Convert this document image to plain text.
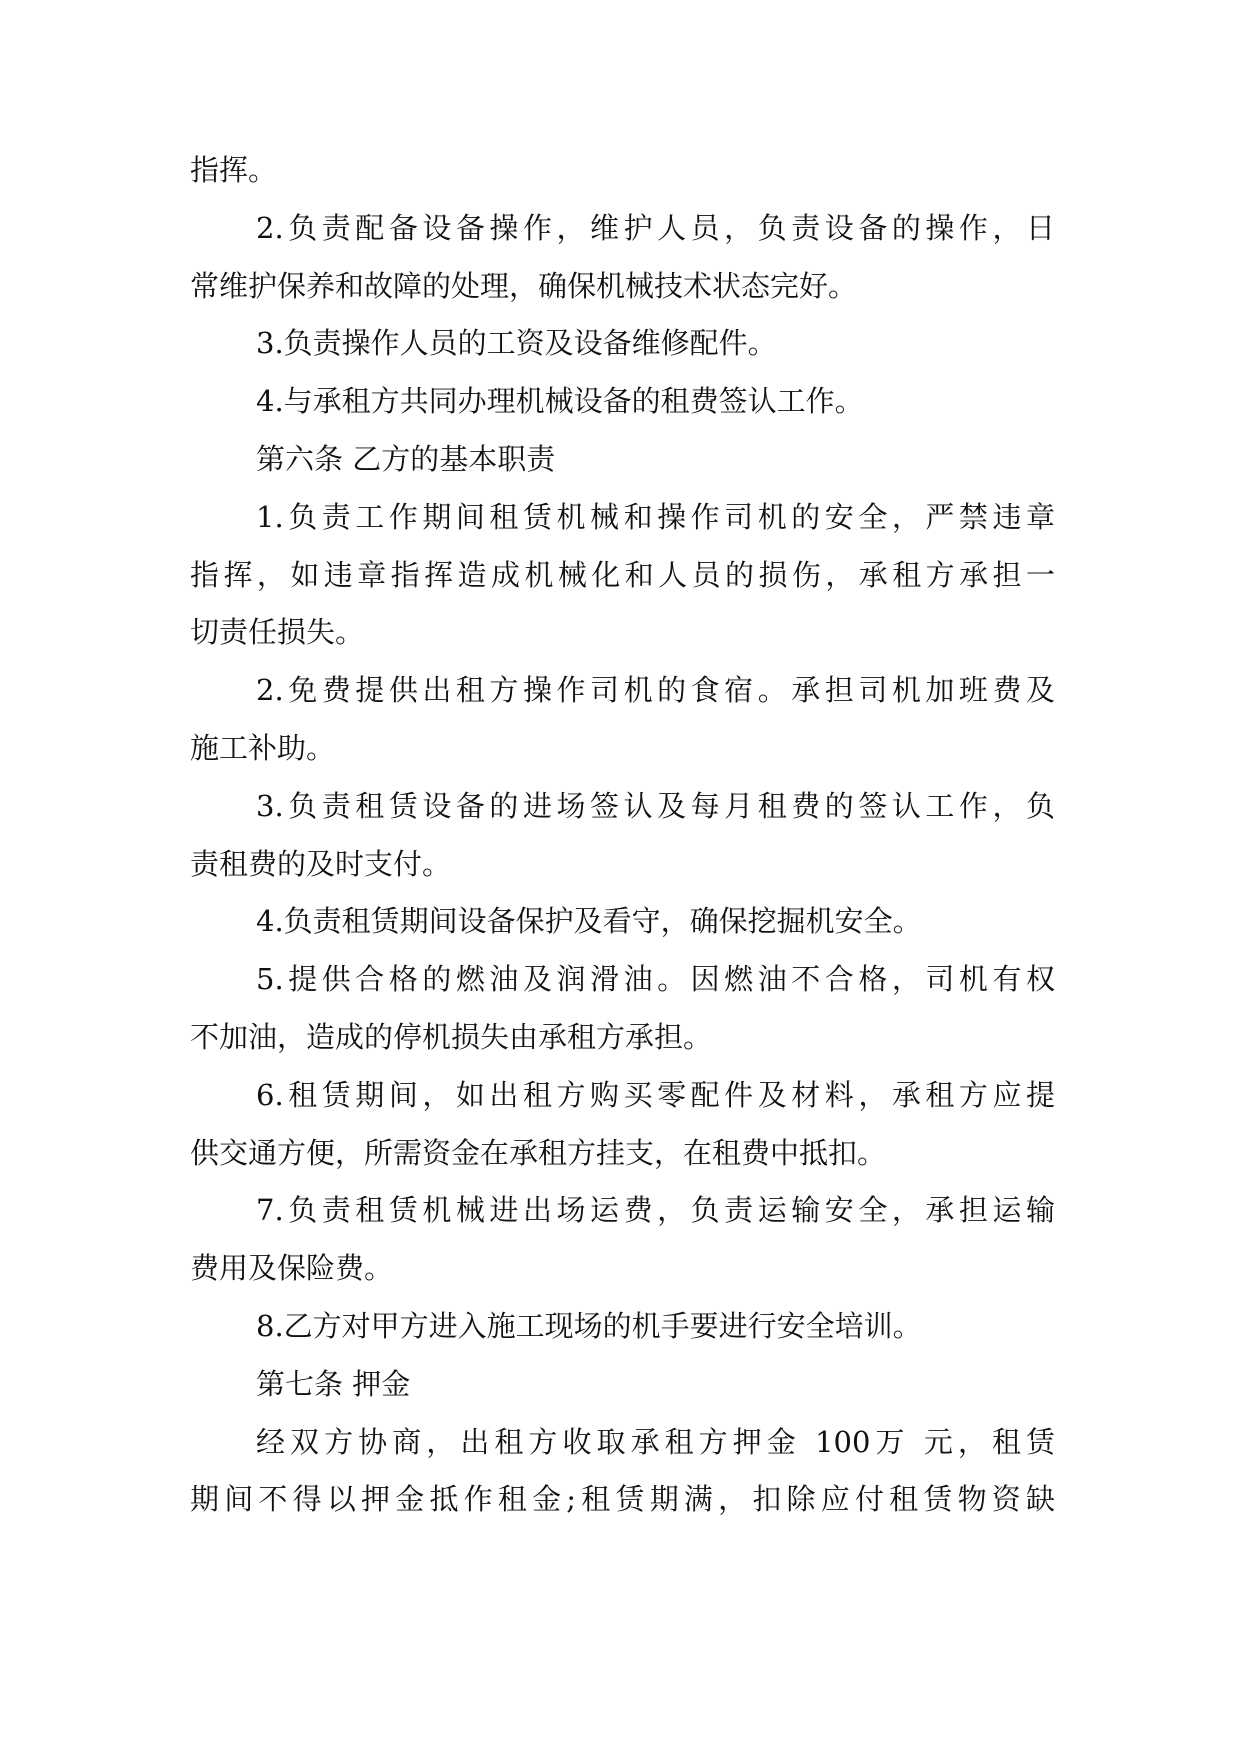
指挥。
2.负责配备设备操作，维护人员，负责设备的操作，日
常维护保养和故障的处理，确保机械技术状态完好。
3.负责操作人员的工资及设备维修配件。
4.与承租方共同办理机械设备的租费签认工作。
第六条 乙方的基本职责
1.负责工作期间租赁机械和操作司机的安全，严禁违章
指挥，如违章指挥造成机械化和人员的损伤，承租方承担一
切责任损失。
2.免费提供出租方操作司机的食宿。承担司机加班费及
施工补助。
3.负责租赁设备的进场签认及每月租费的签认工作，负
责租费的及时支付。
4.负责租赁期间设备保护及看守，确保挖掘机安全。
5.提供合格的燃油及润滑油。因燃油不合格，司机有权
不加油，造成的停机损失由承租方承担。
6.租赁期间，如出租方购买零配件及材料，承租方应提
供交通方便，所需资金在承租方挂支，在租费中抵扣。
7.负责租赁机械进出场运费，负责运输安全，承担运输
费用及保险费。
8.乙方对甲方进入施工现场的机手要进行安全培训。
第七条 押金
经双方协商，出租方收取承租方押金 100万 元，租赁
期间不得以押金抵作租金;租赁期满，扣除应付租赁物资缺
